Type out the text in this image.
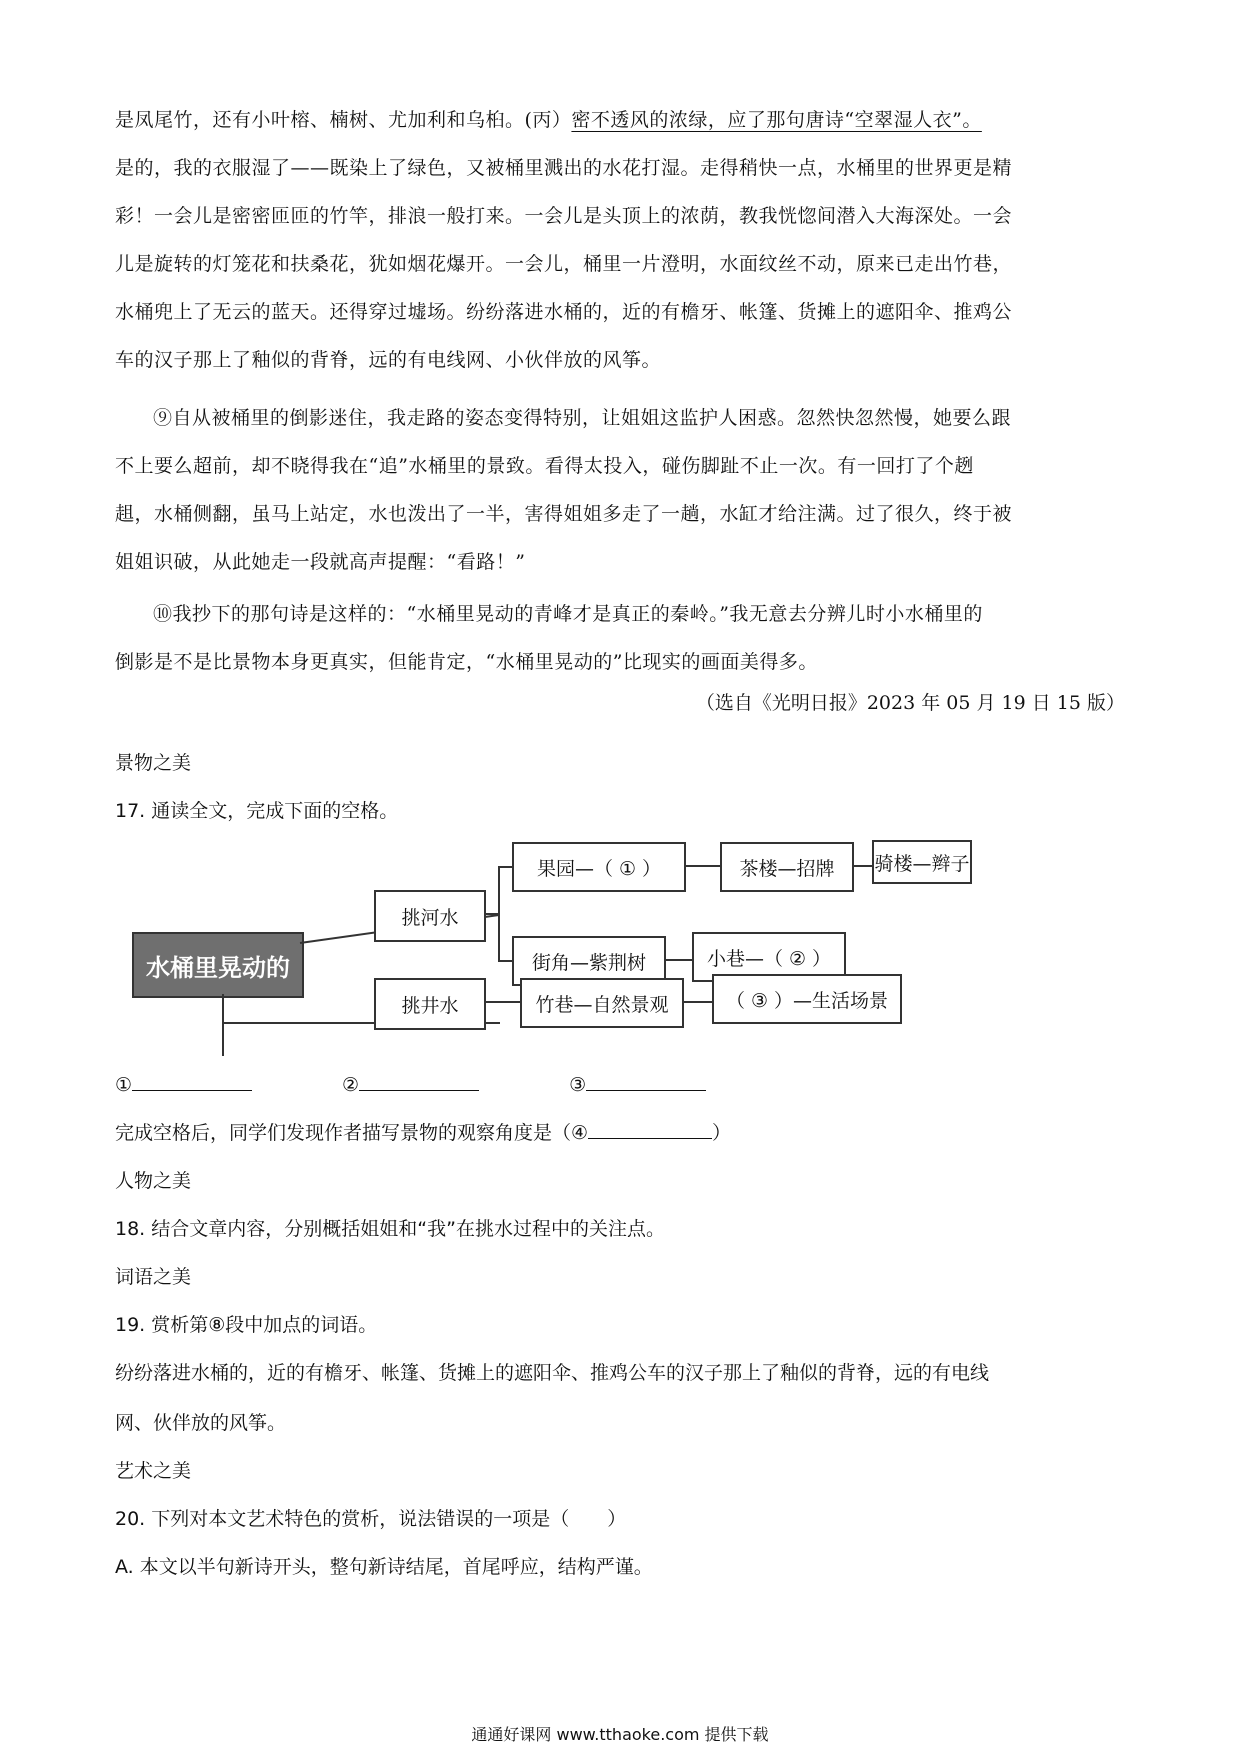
是凤尾竹，还有小叶榕、楠树、尤加利和乌桕。(丙）密不透风的浓绿，应了那句唐诗“空翠湿人衣”。
是的，我的衣服湿了——既染上了绿色，又被桶里溅出的水花打湿。走得稍快一点，水桶里的世界更是精
彩！一会儿是密密匝匝的竹竿，排浪一般打来。一会儿是头顶上的浓荫，教我恍惚间潜入大海深处。一会
儿是旋转的灯笼花和扶桑花，犹如烟花爆开。一会儿，桶里一片澄明，水面纹丝不动，原来已走出竹巷，
水桶兜上了无云的蓝天。还得穿过墟场。纷纷落进水桶的，近的有檐牙、帐篷、货摊上的遮阳伞、推鸡公
车的汉子那上了釉似的背脊，远的有电线网、小伙伴放的风筝。
⑨自从被桶里的倒影迷住，我走路的姿态变得特别，让姐姐这监护人困惑。忽然快忽然慢，她要么跟
不上要么超前，却不晓得我在“追”水桶里的景致。看得太投入，碰伤脚趾不止一次。有一回打了个趔
趄，水桶侧翻，虽马上站定，水也泼出了一半，害得姐姐多走了一趟，水缸才给注满。过了很久，终于被
姐姐识破，从此她走一段就高声提醒：“看路！”
⑩我抄下的那句诗是这样的：“水桶里晃动的青峰才是真正的秦岭。”我无意去分辨儿时小水桶里的
倒影是不是比景物本身更真实，但能肯定，“水桶里晃动的”比现实的画面美得多。
（选自《光明日报》2023 年 05 月 19 日 15 版）
景物之美
17. 通读全文，完成下面的空格。
水桶里晃动的
挑河水
挑井水
果园—（ ① ）	茶楼—招牌	骑楼—辫子
街角—紫荆树	小巷—（ ② ）
竹巷—自然景观	（ ③ ）—生活场景
①	②	③
完成空格后，同学们发现作者描写景物的观察角度是（④	）
人物之美
18. 结合文章内容，分别概括姐姐和“我”在挑水过程中的关注点。
词语之美
19. 赏析第⑧段中加点的词语。
纷纷落进水桶的，近的有檐牙、帐篷、货摊上的遮阳伞、推鸡公车的汉子那上了釉似的背脊，远的有电线
网、伙伴放的风筝。
艺术之美
20. 下列对本文艺术特色的赏析，说法错误的一项是（　　）
A. 本文以半句新诗开头，整句新诗结尾，首尾呼应，结构严谨。
通通好课网 www.tthaoke.com 提供下载
